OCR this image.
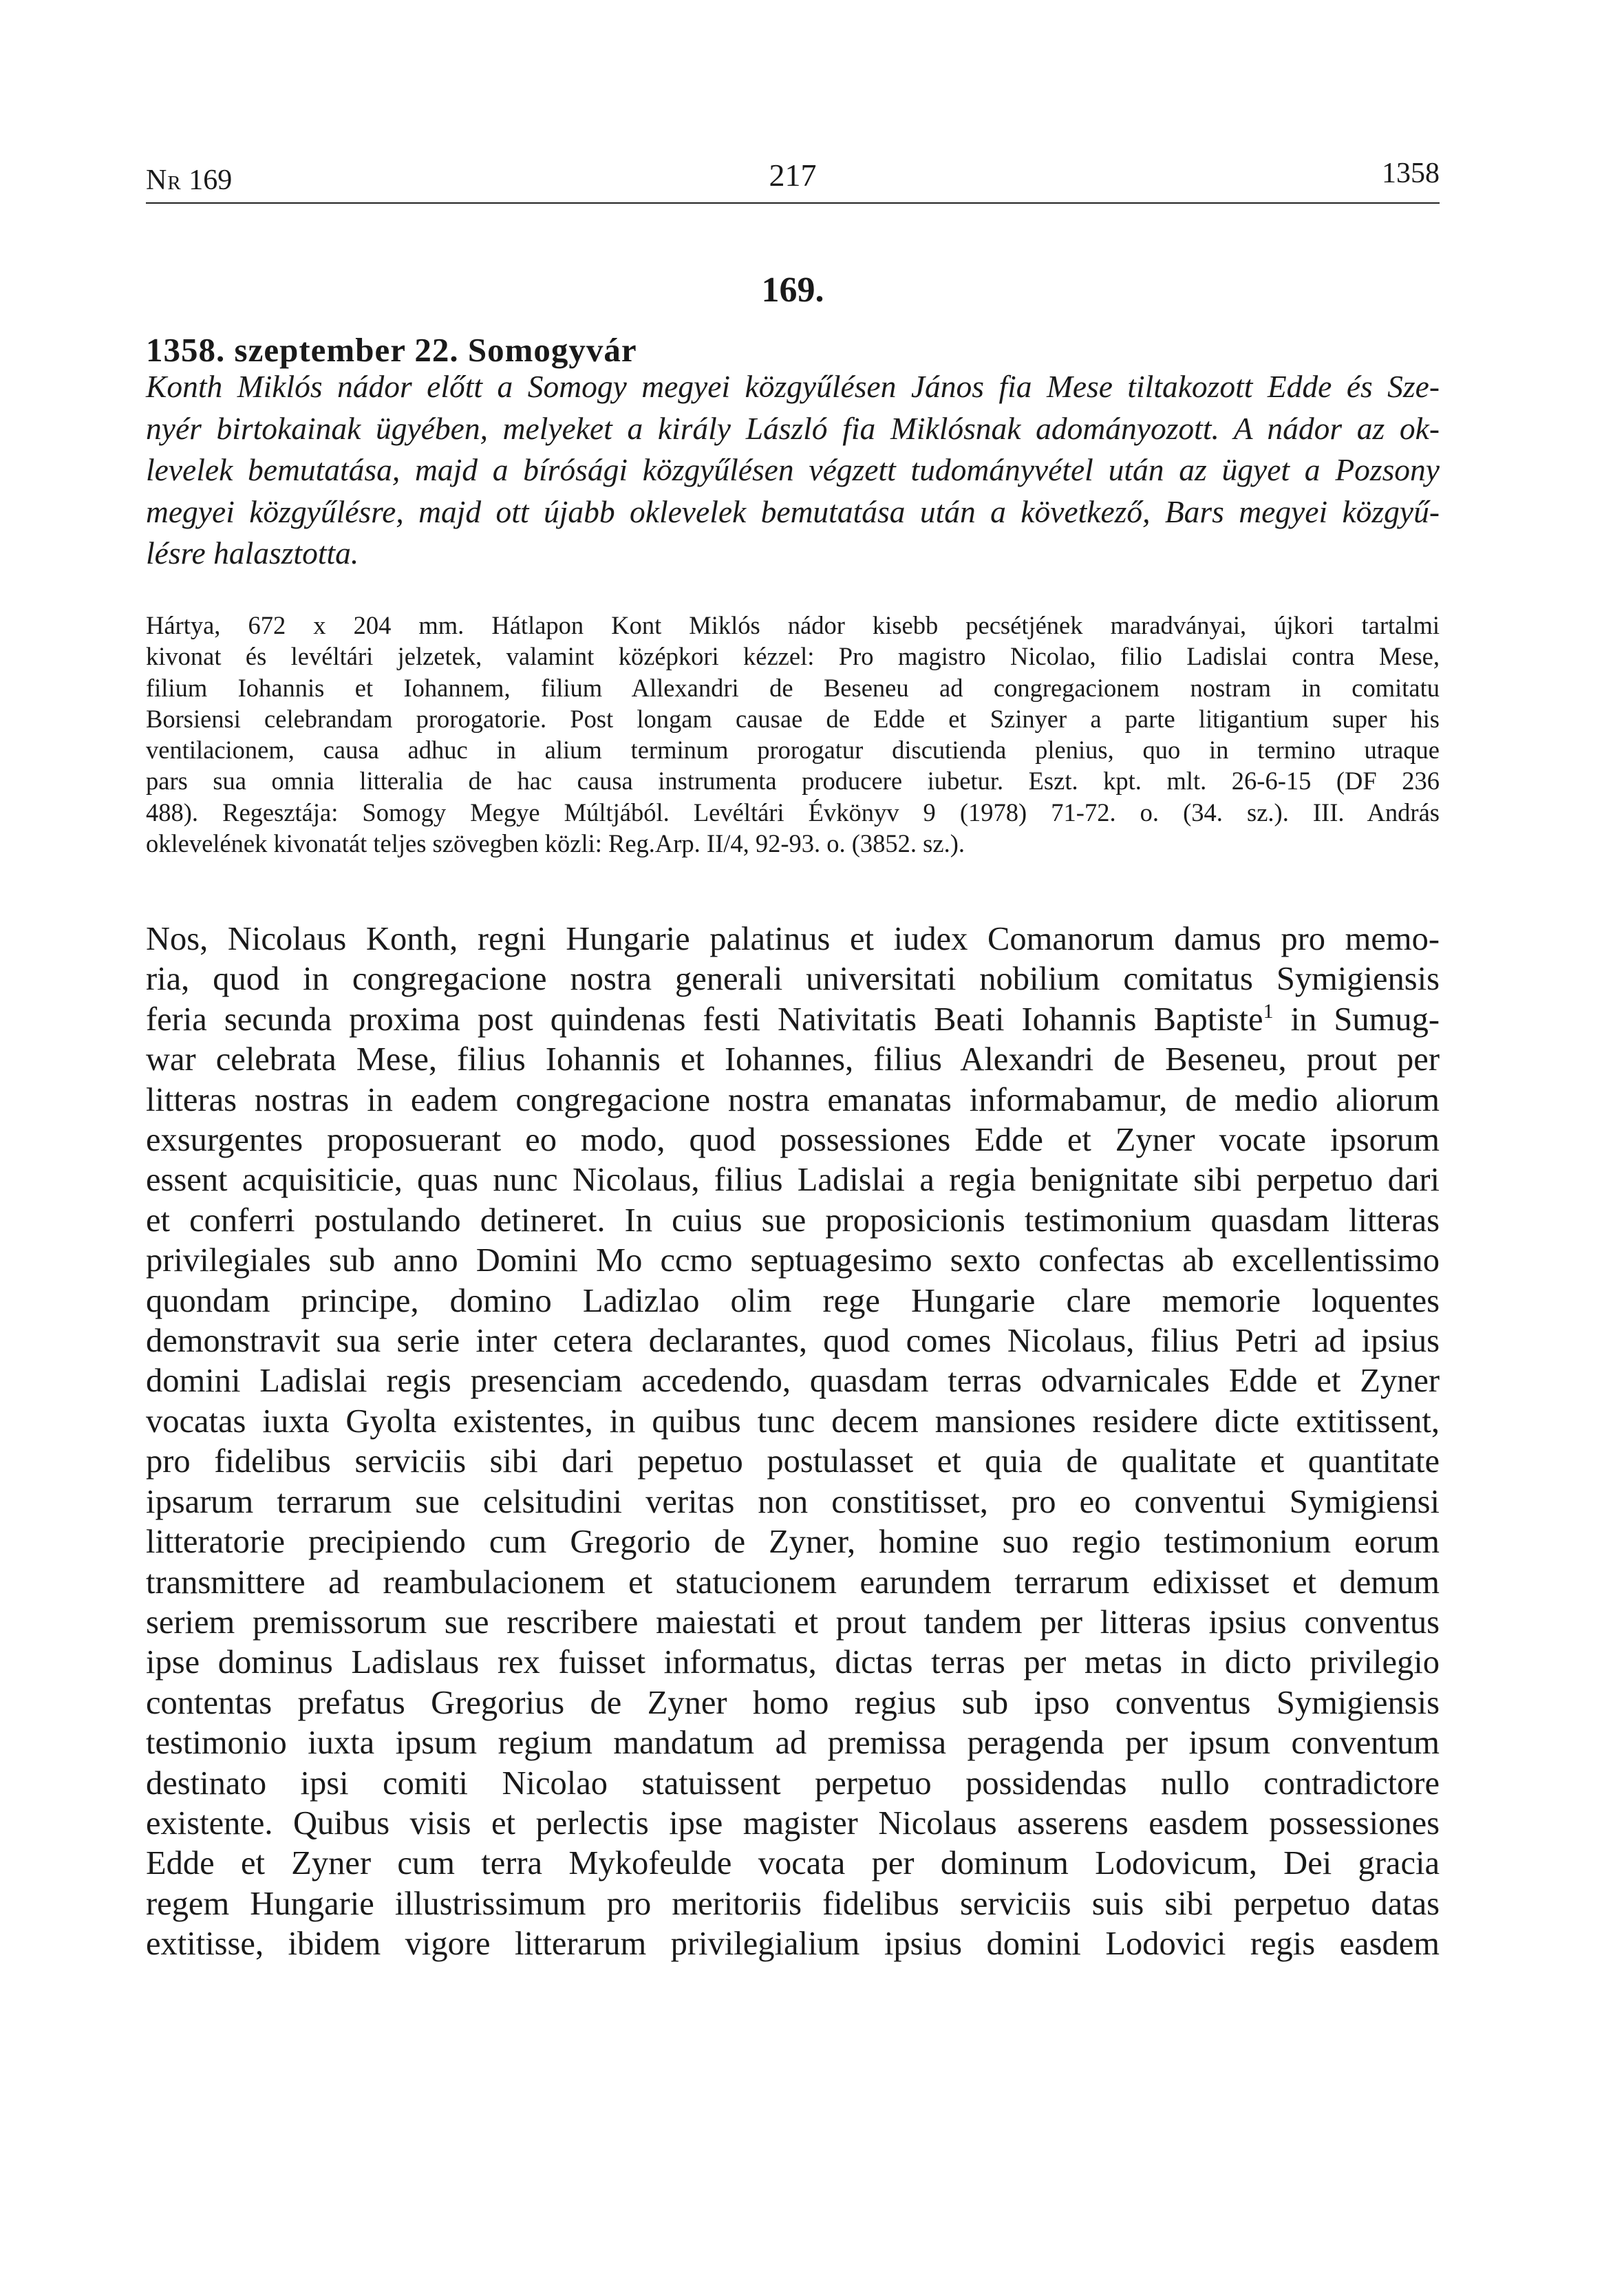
Nr 169	217	1358
169.
1358. szeptember 22. Somogyvár
Konth Miklós nádor előtt a Somogy megyei közgyűlésen János fia Mese tiltakozott Edde és Sze-
nyér birtokainak ügyében, melyeket a király László fia Miklósnak adományozott. A nádor az ok-
levelek bemutatása, majd a bírósági közgyűlésen végzett tudományvétel után az ügyet a Pozsony
megyei közgyűlésre, majd ott újabb oklevelek bemutatása után a következő, Bars megyei közgyű-
lésre halasztotta.
Hártya, 672 x 204 mm. Hátlapon Kont Miklós nádor kisebb pecsétjének maradványai, újkori tartalmi
kivonat és levéltári jelzetek, valamint középkori kézzel: Pro magistro Nicolao, filio Ladislai contra Mese,
filium Iohannis et Iohannem, filium Allexandri de Beseneu ad congregacionem nostram in comitatu
Borsiensi celebrandam prorogatorie. Post longam causae de Edde et Szinyer a parte litigantium super his
ventilacionem, causa adhuc in alium terminum prorogatur discutienda plenius, quo in termino utraque
pars sua omnia litteralia de hac causa instrumenta producere iubetur. Eszt. kpt. mlt. 26-6-15 (DF 236
488). Regesztája: Somogy Megye Múltjából. Levéltári Évkönyv 9 (1978) 71-72. o. (34. sz.). III. András
oklevelének kivonatát teljes szövegben közli: Reg.Arp. II/4, 92-93. o. (3852. sz.).
Nos, Nicolaus Konth, regni Hungarie palatinus et iudex Comanorum damus pro memo-
ria, quod in congregacione nostra generali universitati nobilium comitatus Symigiensis
feria secunda proxima post quindenas festi Nativitatis Beati Iohannis Baptiste$^1$ in Sumug-
war celebrata Mese, filius Iohannis et Iohannes, filius Alexandri de Beseneu, prout per
litteras nostras in eadem congregacione nostra emanatas informabamur, de medio aliorum
exsurgentes proposuerant eo modo, quod possessiones Edde et Zyner vocate ipsorum
essent acquisiticie, quas nunc Nicolaus, filius Ladislai a regia benignitate sibi perpetuo dari
et conferri postulando detineret. In cuius sue proposicionis testimonium quasdam litteras
privilegiales sub anno Domini Mo ccmo septuagesimo sexto confectas ab excellentissimo
quondam principe, domino Ladizlao olim rege Hungarie clare memorie loquentes
demonstravit sua serie inter cetera declarantes, quod comes Nicolaus, filius Petri ad ipsius
domini Ladislai regis presenciam accedendo, quasdam terras odvarnicales Edde et Zyner
vocatas iuxta Gyolta existentes, in quibus tunc decem mansiones residere dicte extitissent,
pro fidelibus serviciis sibi dari pepetuo postulasset et quia de qualitate et quantitate
ipsarum terrarum sue celsitudini veritas non constitisset, pro eo conventui Symigiensi
litteratorie precipiendo cum Gregorio de Zyner, homine suo regio testimonium eorum
transmittere ad reambulacionem et statucionem earundem terrarum edixisset et demum
seriem premissorum sue rescribere maiestati et prout tandem per litteras ipsius conventus
ipse dominus Ladislaus rex fuisset informatus, dictas terras per metas in dicto privilegio
contentas prefatus Gregorius de Zyner homo regius sub ipso conventus Symigiensis
testimonio iuxta ipsum regium mandatum ad premissa peragenda per ipsum conventum
destinato ipsi comiti Nicolao statuissent perpetuo possidendas nullo contradictore
existente. Quibus visis et perlectis ipse magister Nicolaus asserens easdem possessiones
Edde et Zyner cum terra Mykofeulde vocata per dominum Lodovicum, Dei gracia
regem Hungarie illustrissimum pro meritoriis fidelibus serviciis suis sibi perpetuo datas
extitisse, ibidem vigore litterarum privilegialium ipsius domini Lodovici regis easdem
